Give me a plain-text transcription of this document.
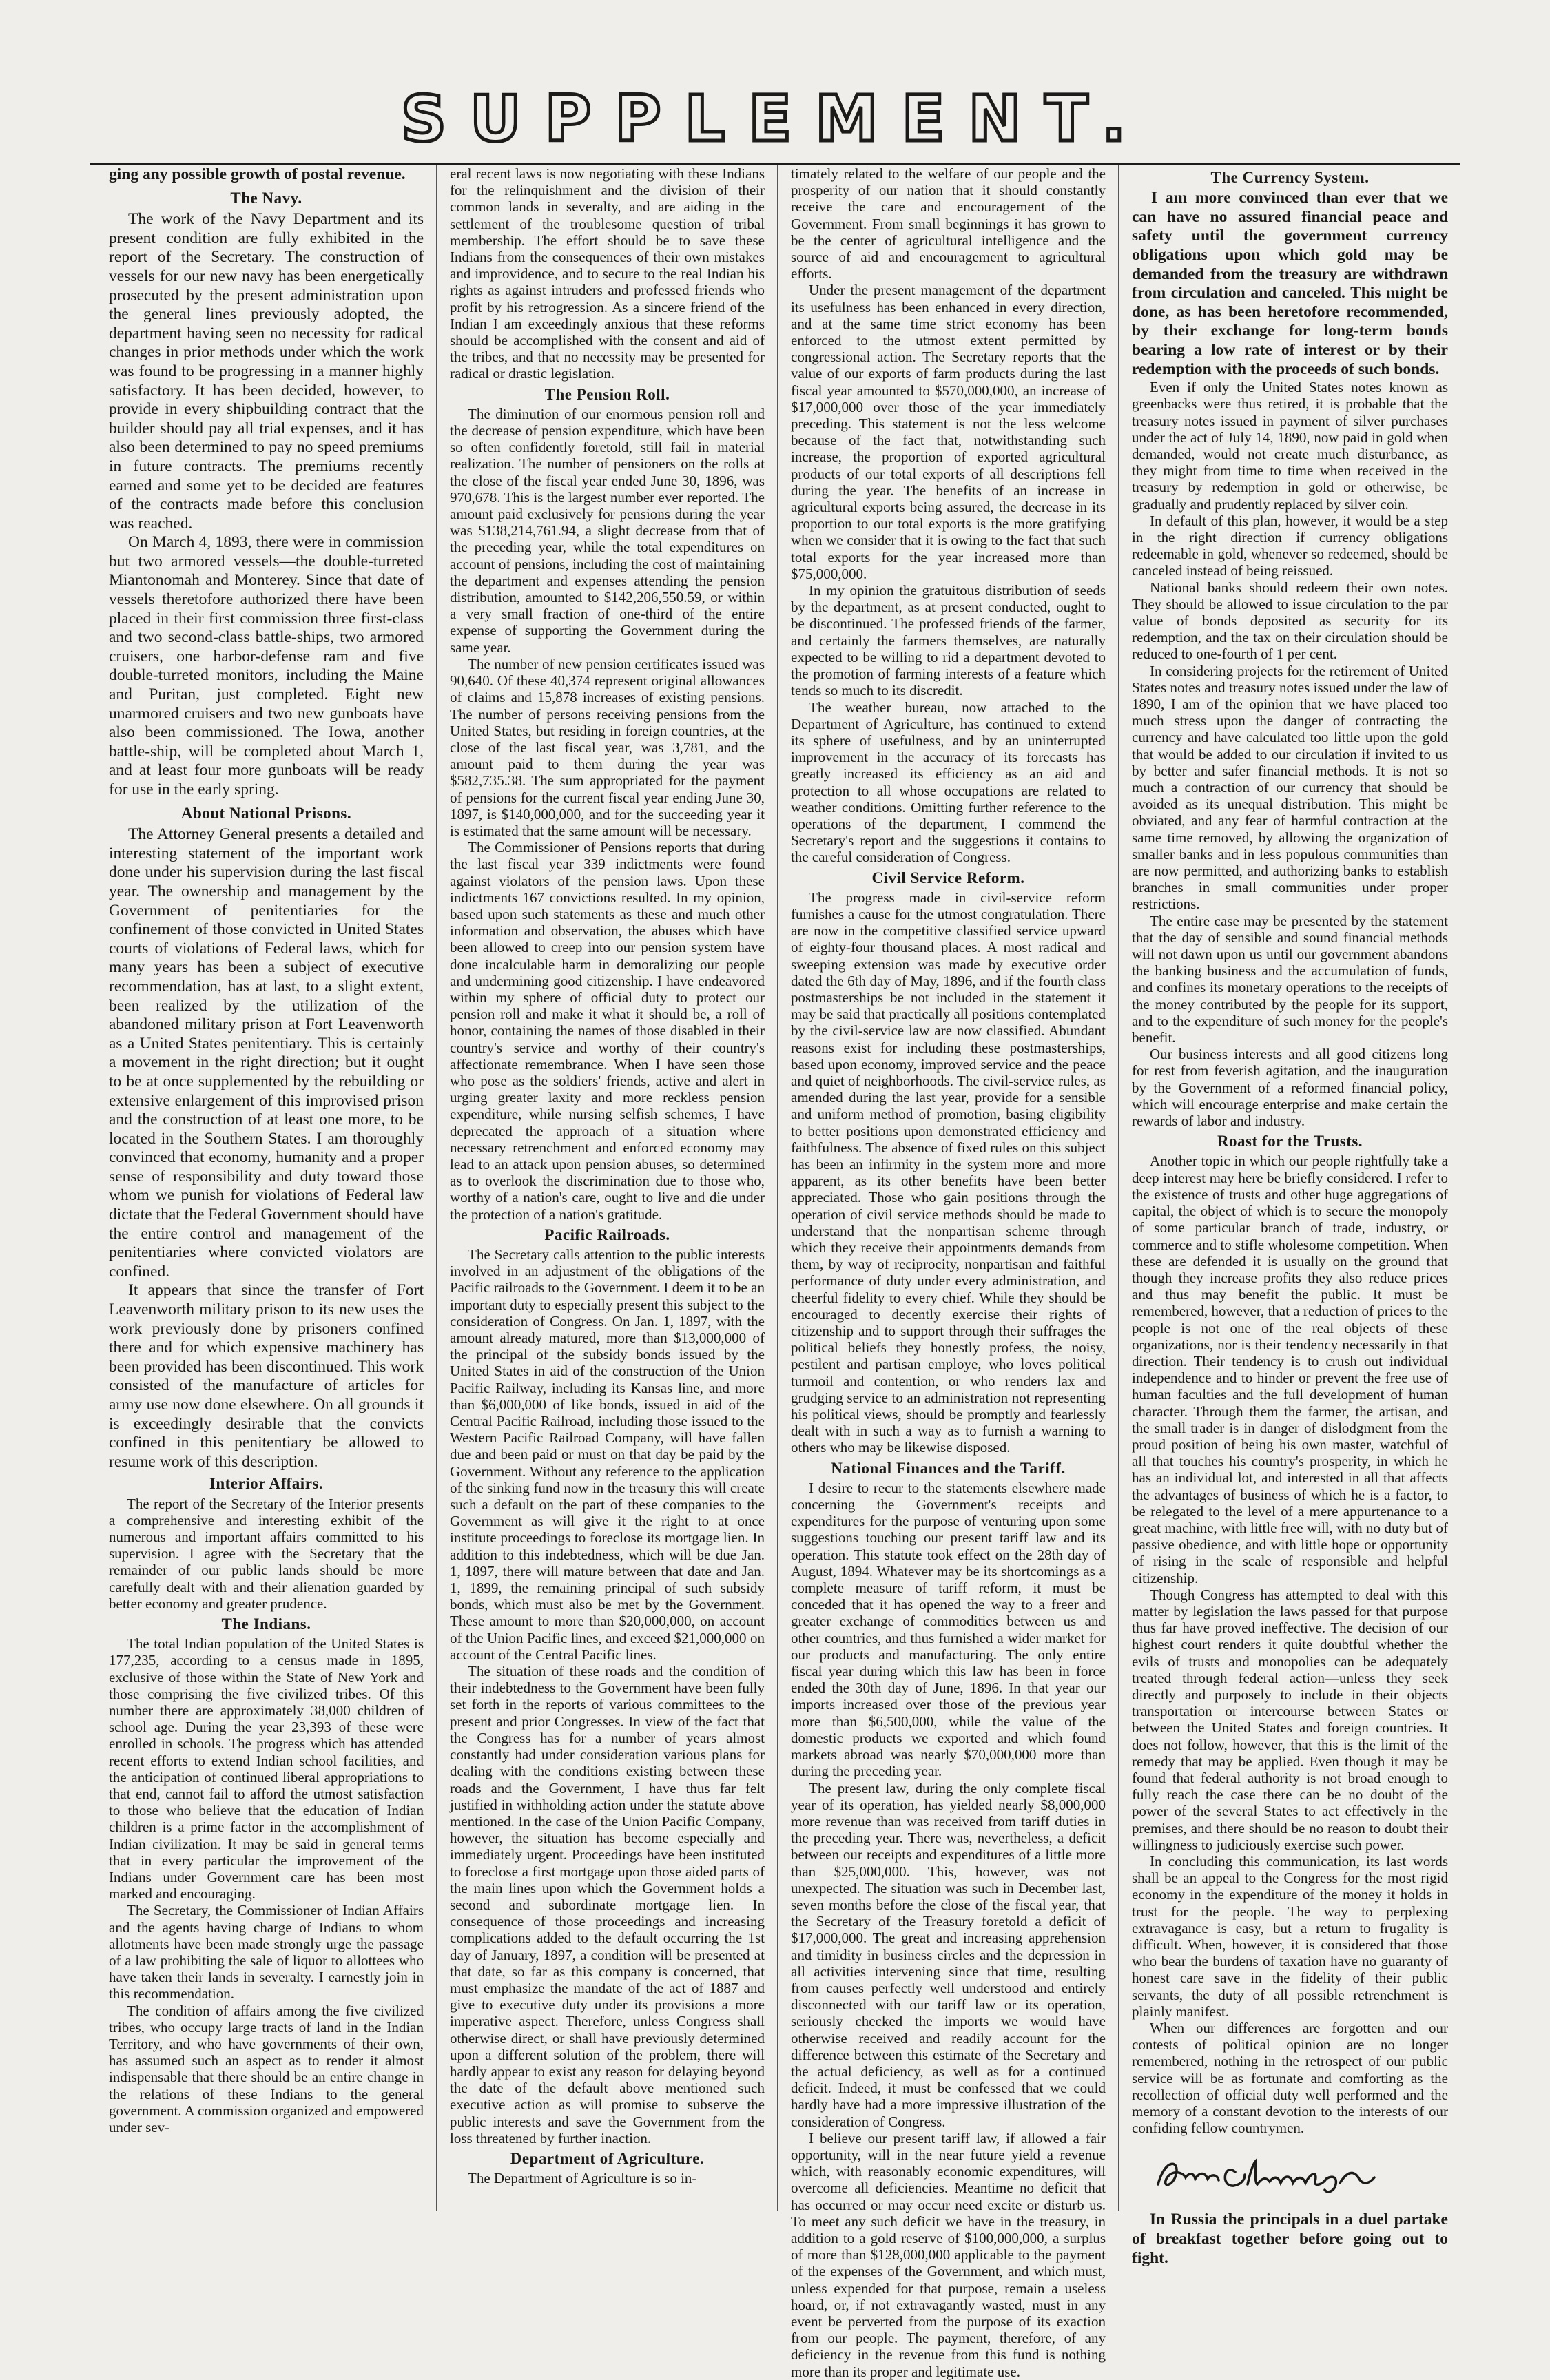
SUPPLEMENT.

ging any possible growth of postal revenue.

The Navy.

The work of the Navy Department and its present condition are fully exhibited in the report of the Secretary. The construction of vessels for our new navy has been energetically prosecuted by the present administration upon the general lines previously adopted, the department having seen no necessity for radical changes in prior methods under which the work was found to be progressing in a manner highly satisfactory. It has been decided, however, to provide in every shipbuilding contract that the builder should pay all trial expenses, and it has also been determined to pay no speed premiums in future contracts. The premiums recently earned and some yet to be decided are features of the contracts made before this conclusion was reached.

On March 4, 1893, there were in commission but two armored vessels—the double-turreted Miantonomah and Monterey. Since that date of vessels theretofore authorized there have been placed in their first commission three first-class and two second-class battle-ships, two armored cruisers, one harbor-defense ram and five double-turreted monitors, including the Maine and Puritan, just completed. Eight new unarmored cruisers and two new gunboats have also been commissioned. The Iowa, another battle-ship, will be completed about March 1, and at least four more gunboats will be ready for use in the early spring.

About National Prisons.

The Attorney General presents a detailed and interesting statement of the important work done under his supervision during the last fiscal year. The ownership and management by the Government of penitentiaries for the confinement of those convicted in United States courts of violations of Federal laws, which for many years has been a subject of executive recommendation, has at last, to a slight extent, been realized by the utilization of the abandoned military prison at Fort Leavenworth as a United States penitentiary. This is certainly a movement in the right direction; but it ought to be at once supplemented by the rebuilding or extensive enlargement of this improvised prison and the construction of at least one more, to be located in the Southern States. I am thoroughly convinced that economy, humanity and a proper sense of responsibility and duty toward those whom we punish for violations of Federal law dictate that the Federal Government should have the entire control and management of the penitentiaries where convicted violators are confined.

It appears that since the transfer of Fort Leavenworth military prison to its new uses the work previously done by prisoners confined there and for which expensive machinery has been provided has been discontinued. This work consisted of the manufacture of articles for army use now done elsewhere. On all grounds it is exceedingly desirable that the convicts confined in this penitentiary be allowed to resume work of this description.

Interior Affairs.

The report of the Secretary of the Interior presents a comprehensive and interesting exhibit of the numerous and important affairs committed to his supervision. I agree with the Secretary that the remainder of our public lands should be more carefully dealt with and their alienation guarded by better economy and greater prudence.

The Indians.

The total Indian population of the United States is 177,235, according to a census made in 1895, exclusive of those within the State of New York and those comprising the five civilized tribes. Of this number there are approximately 38,000 children of school age. During the year 23,393 of these were enrolled in schools. The progress which has attended recent efforts to extend Indian school facilities, and the anticipation of continued liberal appropriations to that end, cannot fail to afford the utmost satisfaction to those who believe that the education of Indian children is a prime factor in the accomplishment of Indian civilization. It may be said in general terms that in every particular the improvement of the Indians under Government care has been most marked and encouraging.

The Secretary, the Commissioner of Indian Affairs and the agents having charge of Indians to whom allotments have been made strongly urge the passage of a law prohibiting the sale of liquor to allottees who have taken their lands in severalty. I earnestly join in this recommendation.

The condition of affairs among the five civilized tribes, who occupy large tracts of land in the Indian Territory, and who have governments of their own, has assumed such an aspect as to render it almost indispensable that there should be an entire change in the relations of these Indians to the general government. A commission organized and empowered under sev-

eral recent laws is now negotiating with these Indians for the relinquishment and the division of their common lands in severalty, and are aiding in the settlement of the troublesome question of tribal membership. The effort should be to save these Indians from the consequences of their own mistakes and improvidence, and to secure to the real Indian his rights as against intruders and professed friends who profit by his retrogression. As a sincere friend of the Indian I am exceedingly anxious that these reforms should be accomplished with the consent and aid of the tribes, and that no necessity may be presented for radical or drastic legislation.

The Pension Roll.

The diminution of our enormous pension roll and the decrease of pension expenditure, which have been so often confidently foretold, still fail in material realization. The number of pensioners on the rolls at the close of the fiscal year ended June 30, 1896, was 970,678. This is the largest number ever reported. The amount paid exclusively for pensions during the year was $138,214,761.94, a slight decrease from that of the preceding year, while the total expenditures on account of pensions, including the cost of maintaining the department and expenses attending the pension distribution, amounted to $142,206,550.59, or within a very small fraction of one-third of the entire expense of supporting the Government during the same year.

The number of new pension certificates issued was 90,640. Of these 40,374 represent original allowances of claims and 15,878 increases of existing pensions. The number of persons receiving pensions from the United States, but residing in foreign countries, at the close of the last fiscal year, was 3,781, and the amount paid to them during the year was $582,735.38. The sum appropriated for the payment of pensions for the current fiscal year ending June 30, 1897, is $140,000,000, and for the succeeding year it is estimated that the same amount will be necessary.

The Commissioner of Pensions reports that during the last fiscal year 339 indictments were found against violators of the pension laws. Upon these indictments 167 convictions resulted. In my opinion, based upon such statements as these and much other information and observation, the abuses which have been allowed to creep into our pension system have done incalculable harm in demoralizing our people and undermining good citizenship. I have endeavored within my sphere of official duty to protect our pension roll and make it what it should be, a roll of honor, containing the names of those disabled in their country's service and worthy of their country's affectionate remembrance. When I have seen those who pose as the soldiers' friends, active and alert in urging greater laxity and more reckless pension expenditure, while nursing selfish schemes, I have deprecated the approach of a situation where necessary retrenchment and enforced economy may lead to an attack upon pension abuses, so determined as to overlook the discrimination due to those who, worthy of a nation's care, ought to live and die under the protection of a nation's gratitude.

Pacific Railroads.

The Secretary calls attention to the public interests involved in an adjustment of the obligations of the Pacific railroads to the Government. I deem it to be an important duty to especially present this subject to the consideration of Congress. On Jan. 1, 1897, with the amount already matured, more than $13,000,000 of the principal of the subsidy bonds issued by the United States in aid of the construction of the Union Pacific Railway, including its Kansas line, and more than $6,000,000 of like bonds, issued in aid of the Central Pacific Railroad, including those issued to the Western Pacific Railroad Company, will have fallen due and been paid or must on that day be paid by the Government. Without any reference to the application of the sinking fund now in the treasury this will create such a default on the part of these companies to the Government as will give it the right to at once institute proceedings to foreclose its mortgage lien. In addition to this indebtedness, which will be due Jan. 1, 1897, there will mature between that date and Jan. 1, 1899, the remaining principal of such subsidy bonds, which must also be met by the Government. These amount to more than $20,000,000, on account of the Union Pacific lines, and exceed $21,000,000 on account of the Central Pacific lines.

The situation of these roads and the condition of their indebtedness to the Government have been fully set forth in the reports of various committees to the present and prior Congresses. In view of the fact that the Congress has for a number of years almost constantly had under consideration various plans for dealing with the conditions existing between these roads and the Government, I have thus far felt justified in withholding action under the statute above mentioned. In the case of the Union Pacific Company, however, the situation has become especially and immediately urgent. Proceedings have been instituted to foreclose a first mortgage upon those aided parts of the main lines upon which the Government holds a second and subordinate mortgage lien. In consequence of those proceedings and increasing complications added to the default occurring the 1st day of January, 1897, a condition will be presented at that date, so far as this company is concerned, that must emphasize the mandate of the act of 1887 and give to executive duty under its provisions a more imperative aspect. Therefore, unless Congress shall otherwise direct, or shall have previously determined upon a different solution of the problem, there will hardly appear to exist any reason for delaying beyond the date of the default above mentioned such executive action as will promise to subserve the public interests and save the Government from the loss threatened by further inaction.

Department of Agriculture.

The Department of Agriculture is so in-

timately related to the welfare of our people and the prosperity of our nation that it should constantly receive the care and encouragement of the Government. From small beginnings it has grown to be the center of agricultural intelligence and the source of aid and encouragement to agricultural efforts.

Under the present management of the department its usefulness has been enhanced in every direction, and at the same time strict economy has been enforced to the utmost extent permitted by congressional action. The Secretary reports that the value of our exports of farm products during the last fiscal year amounted to $570,000,000, an increase of $17,000,000 over those of the year immediately preceding. This statement is not the less welcome because of the fact that, notwithstanding such increase, the proportion of exported agricultural products of our total exports of all descriptions fell during the year. The benefits of an increase in agricultural exports being assured, the decrease in its proportion to our total exports is the more gratifying when we consider that it is owing to the fact that such total exports for the year increased more than $75,000,000.

In my opinion the gratuitous distribution of seeds by the department, as at present conducted, ought to be discontinued. The professed friends of the farmer, and certainly the farmers themselves, are naturally expected to be willing to rid a department devoted to the promotion of farming interests of a feature which tends so much to its discredit.

The weather bureau, now attached to the Department of Agriculture, has continued to extend its sphere of usefulness, and by an uninterrupted improvement in the accuracy of its forecasts has greatly increased its efficiency as an aid and protection to all whose occupations are related to weather conditions. Omitting further reference to the operations of the department, I commend the Secretary's report and the suggestions it contains to the careful consideration of Congress.

Civil Service Reform.

The progress made in civil-service reform furnishes a cause for the utmost congratulation. There are now in the competitive classified service upward of eighty-four thousand places. A most radical and sweeping extension was made by executive order dated the 6th day of May, 1896, and if the fourth class postmasterships be not included in the statement it may be said that practically all positions contemplated by the civil-service law are now classified. Abundant reasons exist for including these postmasterships, based upon economy, improved service and the peace and quiet of neighborhoods. The civil-service rules, as amended during the last year, provide for a sensible and uniform method of promotion, basing eligibility to better positions upon demonstrated efficiency and faithfulness. The absence of fixed rules on this subject has been an infirmity in the system more and more apparent, as its other benefits have been better appreciated. Those who gain positions through the operation of civil service methods should be made to understand that the nonpartisan scheme through which they receive their appointments demands from them, by way of reciprocity, nonpartisan and faithful performance of duty under every administration, and cheerful fidelity to every chief. While they should be encouraged to decently exercise their rights of citizenship and to support through their suffrages the political beliefs they honestly profess, the noisy, pestilent and partisan employe, who loves political turmoil and contention, or who renders lax and grudging service to an administration not representing his political views, should be promptly and fearlessly dealt with in such a way as to furnish a warning to others who may be likewise disposed.

National Finances and the Tariff.

I desire to recur to the statements elsewhere made concerning the Government's receipts and expenditures for the purpose of venturing upon some suggestions touching our present tariff law and its operation. This statute took effect on the 28th day of August, 1894. Whatever may be its shortcomings as a complete measure of tariff reform, it must be conceded that it has opened the way to a freer and greater exchange of commodities between us and other countries, and thus furnished a wider market for our products and manufacturing. The only entire fiscal year during which this law has been in force ended the 30th day of June, 1896. In that year our imports increased over those of the previous year more than $6,500,000, while the value of the domestic products we exported and which found markets abroad was nearly $70,000,000 more than during the preceding year.

The present law, during the only complete fiscal year of its operation, has yielded nearly $8,000,000 more revenue than was received from tariff duties in the preceding year. There was, nevertheless, a deficit between our receipts and expenditures of a little more than $25,000,000. This, however, was not unexpected. The situation was such in December last, seven months before the close of the fiscal year, that the Secretary of the Treasury foretold a deficit of $17,000,000. The great and increasing apprehension and timidity in business circles and the depression in all activities intervening since that time, resulting from causes perfectly well understood and entirely disconnected with our tariff law or its operation, seriously checked the imports we would have otherwise received and readily account for the difference between this estimate of the Secretary and the actual deficiency, as well as for a continued deficit. Indeed, it must be confessed that we could hardly have had a more impressive illustration of the consideration of Congress.

I believe our present tariff law, if allowed a fair opportunity, will in the near future yield a revenue which, with reasonably economic expenditures, will overcome all deficiencies. Meantime no deficit that has occurred or may occur need excite or disturb us. To meet any such deficit we have in the treasury, in addition to a gold reserve of $100,000,000, a surplus of more than $128,000,000 applicable to the payment of the expenses of the Government, and which must, unless expended for that purpose, remain a useless hoard, or, if not extravagantly wasted, must in any event be perverted from the purpose of its exaction from our people. The payment, therefore, of any deficiency in the revenue from this fund is nothing more than its proper and legitimate use.

The Currency System.

I am more convinced than ever that we can have no assured financial peace and safety until the government currency obligations upon which gold may be demanded from the treasury are withdrawn from circulation and canceled. This might be done, as has been heretofore recommended, by their exchange for long-term bonds bearing a low rate of interest or by their redemption with the proceeds of such bonds.

Even if only the United States notes known as greenbacks were thus retired, it is probable that the treasury notes issued in payment of silver purchases under the act of July 14, 1890, now paid in gold when demanded, would not create much disturbance, as they might from time to time when received in the treasury by redemption in gold or otherwise, be gradually and prudently replaced by silver coin.

In default of this plan, however, it would be a step in the right direction if currency obligations redeemable in gold, whenever so redeemed, should be canceled instead of being reissued.

National banks should redeem their own notes. They should be allowed to issue circulation to the par value of bonds deposited as security for its redemption, and the tax on their circulation should be reduced to one-fourth of 1 per cent.

In considering projects for the retirement of United States notes and treasury notes issued under the law of 1890, I am of the opinion that we have placed too much stress upon the danger of contracting the currency and have calculated too little upon the gold that would be added to our circulation if invited to us by better and safer financial methods. It is not so much a contraction of our currency that should be avoided as its unequal distribution. This might be obviated, and any fear of harmful contraction at the same time removed, by allowing the organization of smaller banks and in less populous communities than are now permitted, and authorizing banks to establish branches in small communities under proper restrictions.

The entire case may be presented by the statement that the day of sensible and sound financial methods will not dawn upon us until our government abandons the banking business and the accumulation of funds, and confines its monetary operations to the receipts of the money contributed by the people for its support, and to the expenditure of such money for the people's benefit.

Our business interests and all good citizens long for rest from feverish agitation, and the inauguration by the Government of a reformed financial policy, which will encourage enterprise and make certain the rewards of labor and industry.

Roast for the Trusts.

Another topic in which our people rightfully take a deep interest may here be briefly considered. I refer to the existence of trusts and other huge aggregations of capital, the object of which is to secure the monopoly of some particular branch of trade, industry, or commerce and to stifle wholesome competition. When these are defended it is usually on the ground that though they increase profits they also reduce prices and thus may benefit the public. It must be remembered, however, that a reduction of prices to the people is not one of the real objects of these organizations, nor is their tendency necessarily in that direction. Their tendency is to crush out individual independence and to hinder or prevent the free use of human faculties and the full development of human character. Through them the farmer, the artisan, and the small trader is in danger of dislodgment from the proud position of being his own master, watchful of all that touches his country's prosperity, in which he has an individual lot, and interested in all that affects the advantages of business of which he is a factor, to be relegated to the level of a mere appurtenance to a great machine, with little free will, with no duty but of passive obedience, and with little hope or opportunity of rising in the scale of responsible and helpful citizenship.

Though Congress has attempted to deal with this matter by legislation the laws passed for that purpose thus far have proved ineffective. The decision of our highest court renders it quite doubtful whether the evils of trusts and monopolies can be adequately treated through federal action—unless they seek directly and purposely to include in their objects transportation or intercourse between States or between the United States and foreign countries. It does not follow, however, that this is the limit of the remedy that may be applied. Even though it may be found that federal authority is not broad enough to fully reach the case there can be no doubt of the power of the several States to act effectively in the premises, and there should be no reason to doubt their willingness to judiciously exercise such power.

In concluding this communication, its last words shall be an appeal to the Congress for the most rigid economy in the expenditure of the money it holds in trust for the people. The way to perplexing extravagance is easy, but a return to frugality is difficult. When, however, it is considered that those who bear the burdens of taxation have no guaranty of honest care save in the fidelity of their public servants, the duty of all possible retrenchment is plainly manifest.

When our differences are forgotten and our contests of political opinion are no longer remembered, nothing in the retrospect of our public service will be as fortunate and comforting as the recollection of official duty well performed and the memory of a constant devotion to the interests of our confiding fellow countrymen.

In Russia the principals in a duel partake of breakfast together before going out to fight.
